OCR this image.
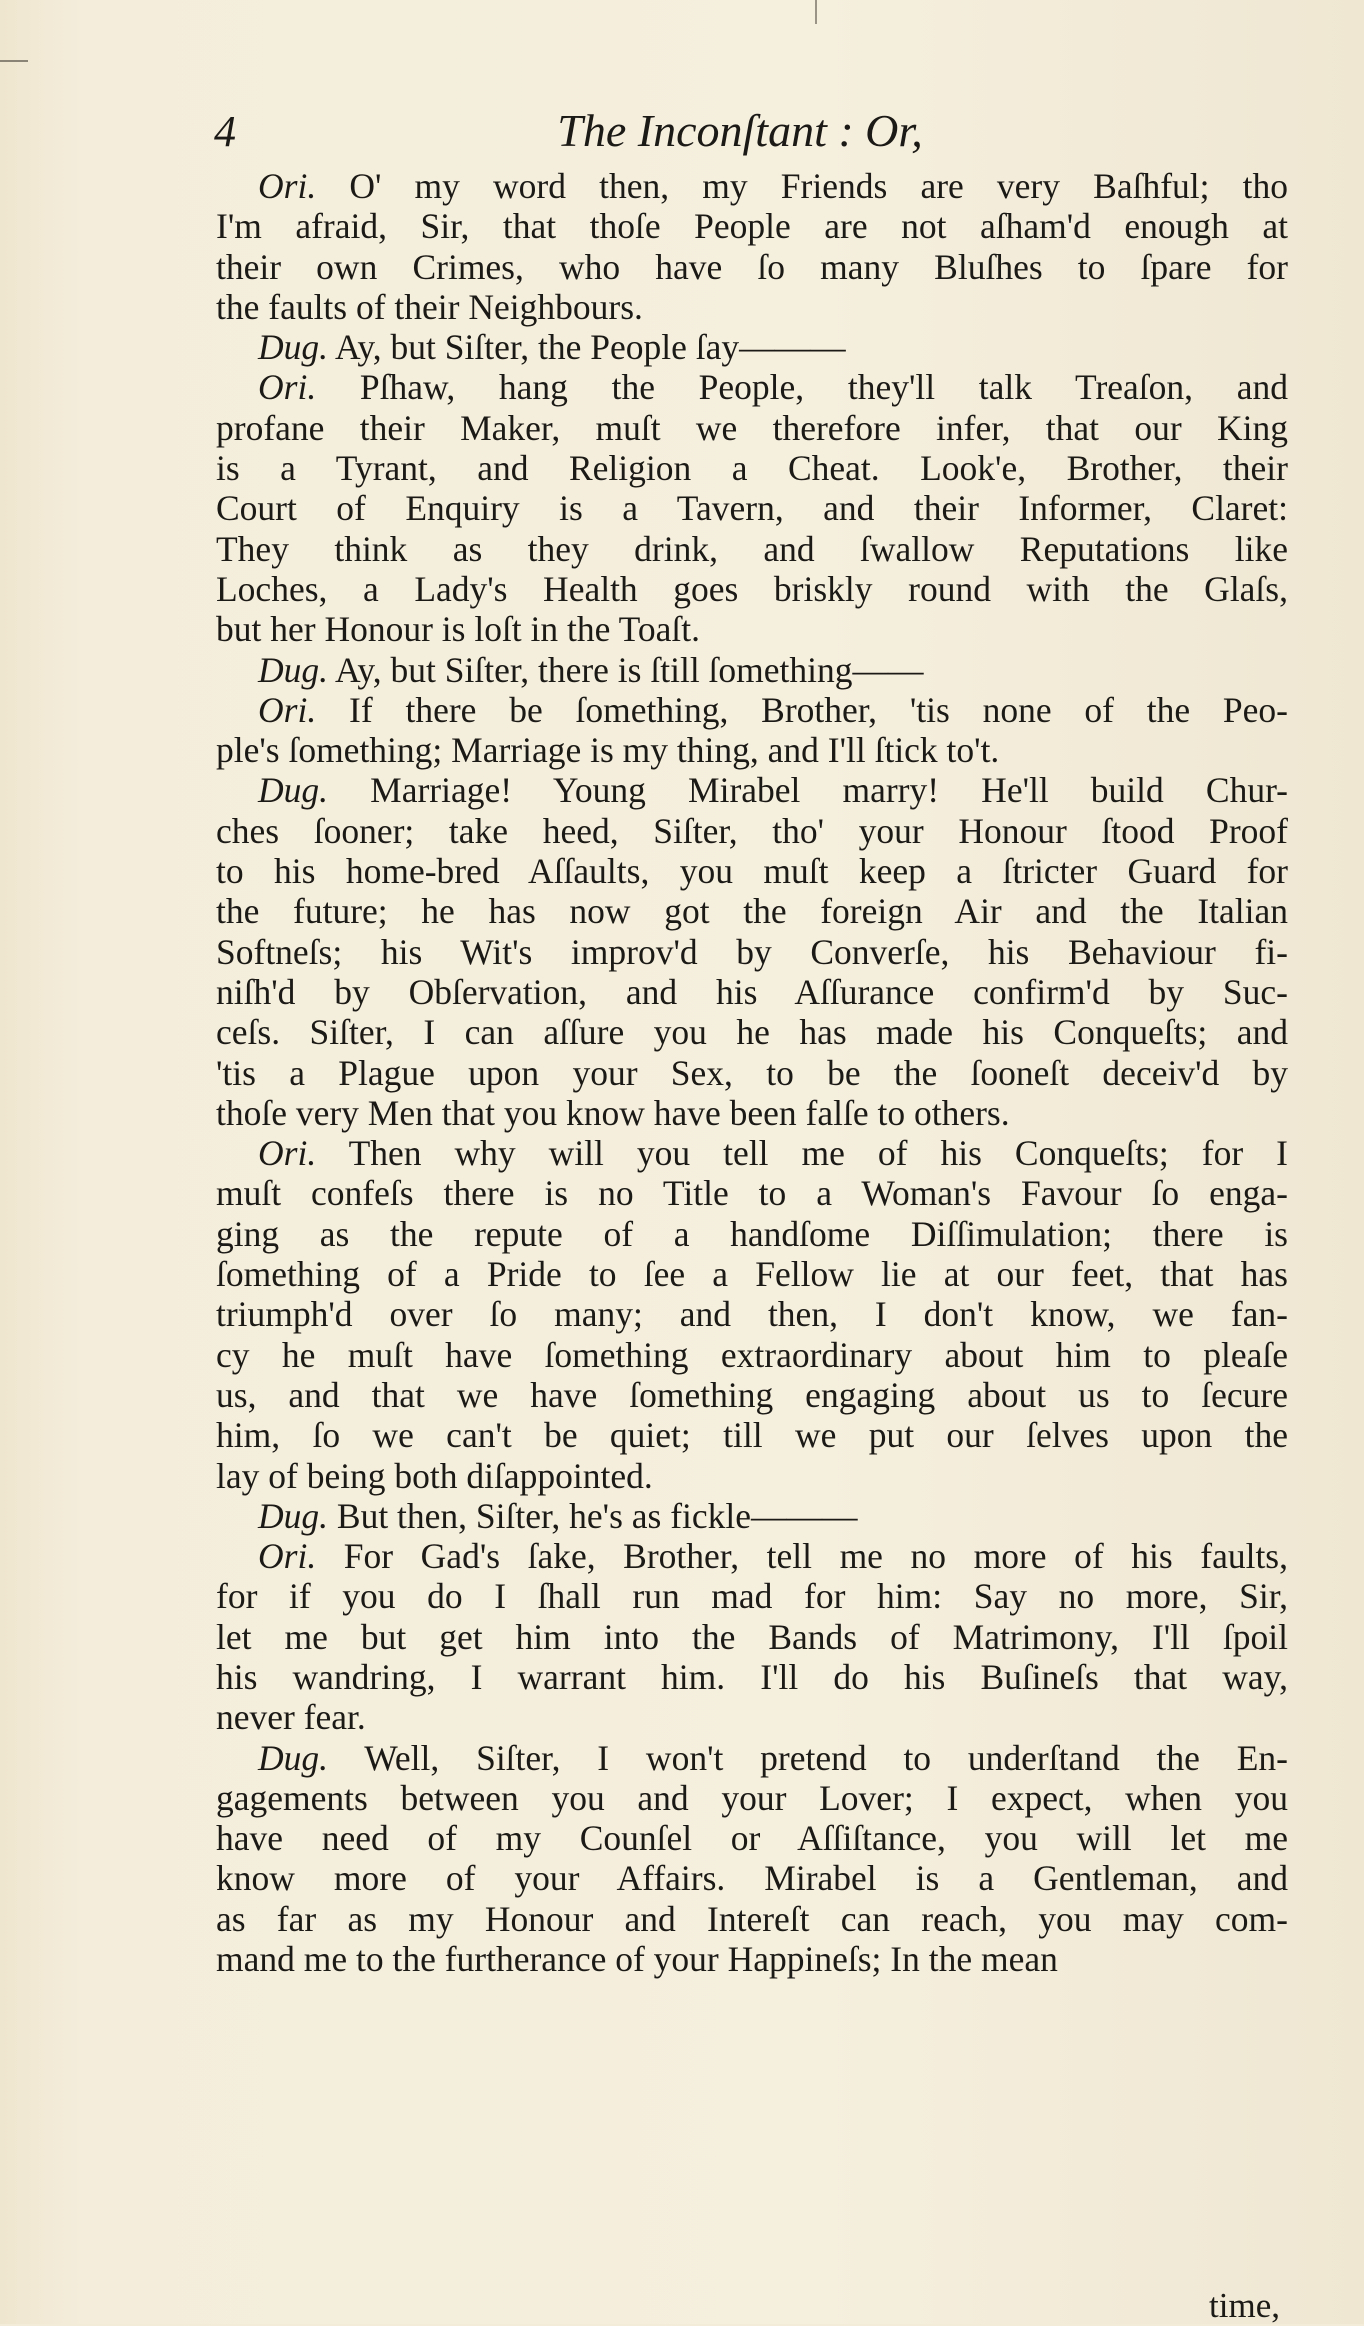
4	The Inconſtant : Or,
Ori. O' my word then, my Friends are very Baſhful; tho
I'm afraid, Sir, that thoſe People are not aſham'd enough at
their own Crimes, who have ſo many Bluſhes to ſpare for
the faults of their Neighbours.
Dug. Ay, but Siſter, the People ſay———
Ori. Pſhaw, hang the People, they'll talk Treaſon, and
profane their Maker, muſt we therefore infer, that our King
is a Tyrant, and Religion a Cheat. Look'e, Brother, their
Court of Enquiry is a Tavern, and their Informer, Claret:
They think as they drink, and ſwallow Reputations like
Loches, a Lady's Health goes briskly round with the Glaſs,
but her Honour is loſt in the Toaſt.
Dug. Ay, but Siſter, there is ſtill ſomething——
Ori. If there be ſomething, Brother, 'tis none of the Peo-
ple's ſomething; Marriage is my thing, and I'll ſtick to't.
Dug. Marriage! Young Mirabel marry! He'll build Chur-
ches ſooner; take heed, Siſter, tho' your Honour ſtood Proof
to his home-bred Aſſaults, you muſt keep a ſtricter Guard for
the future; he has now got the foreign Air and the Italian
Softneſs; his Wit's improv'd by Converſe, his Behaviour fi-
niſh'd by Obſervation, and his Aſſurance confirm'd by Suc-
ceſs. Siſter, I can aſſure you he has made his Conqueſts; and
'tis a Plague upon your Sex, to be the ſooneſt deceiv'd by
thoſe very Men that you know have been falſe to others.
Ori. Then why will you tell me of his Conqueſts; for I
muſt confeſs there is no Title to a Woman's Favour ſo enga-
ging as the repute of a handſome Diſſimulation; there is
ſomething of a Pride to ſee a Fellow lie at our feet, that has
triumph'd over ſo many; and then, I don't know, we fan-
cy he muſt have ſomething extraordinary about him to pleaſe
us, and that we have ſomething engaging about us to ſecure
him, ſo we can't be quiet; till we put our ſelves upon the
lay of being both diſappointed.
Dug. But then, Siſter, he's as fickle———
Ori. For Gad's ſake, Brother, tell me no more of his faults,
for if you do I ſhall run mad for him: Say no more, Sir,
let me but get him into the Bands of Matrimony, I'll ſpoil
his wandring, I warrant him. I'll do his Buſineſs that way,
never fear.
Dug. Well, Siſter, I won't pretend to underſtand the En-
gagements between you and your Lover; I expect, when you
have need of my Counſel or Aſſiſtance, you will let me
know more of your Affairs. Mirabel is a Gentleman, and
as far as my Honour and Intereſt can reach, you may com-
mand me to the furtherance of your Happineſs; In the mean
time,
